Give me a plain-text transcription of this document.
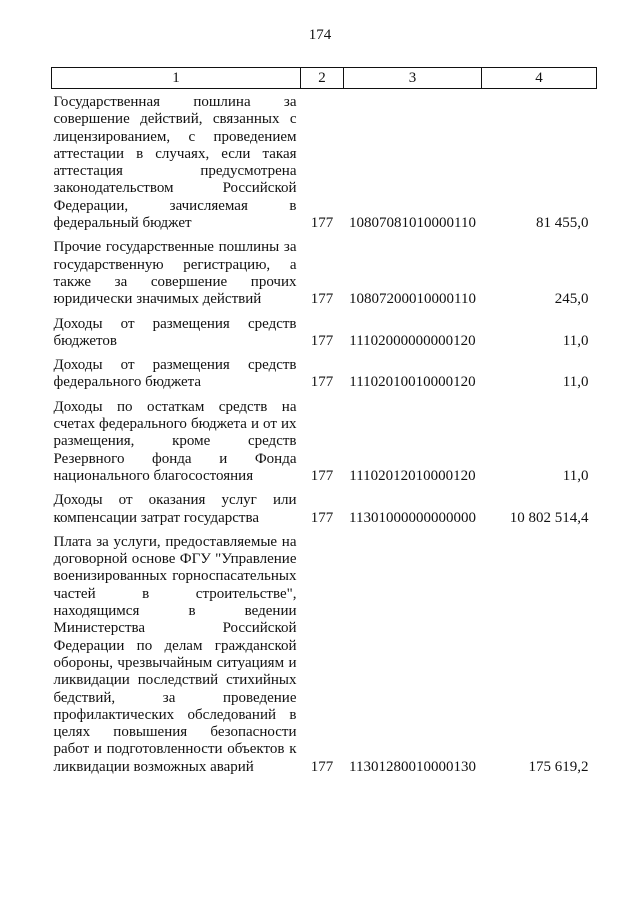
174
1	2	3	4
Государственная пошлина за совершение действий, связанных с лицензированием, с проведением аттестации в случаях, если такая аттестация предусмотрена законодательством Российской Федерации, зачисляемая в федеральный бюджет	177	10807081010000110	81 455,0
Прочие государственные пошлины за государственную регистрацию, а также за совершение прочих юридически значимых действий	177	10807200010000110	245,0
Доходы от размещения средств бюджетов	177	11102000000000120	11,0
Доходы от размещения средств федерального бюджета	177	11102010010000120	11,0
Доходы по остаткам средств на счетах федерального бюджета и от их размещения, кроме средств Резервного фонда и Фонда национального благосостояния	177	11102012010000120	11,0
Доходы от оказания услуг или компенсации затрат государства	177	11301000000000000	10 802 514,4
Плата за услуги, предоставляемые на договорной основе ФГУ "Управление военизированных горноспасательных частей в строительстве", находящимся в ведении Министерства Российской Федерации по делам гражданской обороны, чрезвычайным ситуациям и ликвидации последствий стихийных бедствий, за проведение профилактических обследований в целях повышения безопасности работ и подготовленности объектов к ликвидации возможных аварий	177	11301280010000130	175 619,2
